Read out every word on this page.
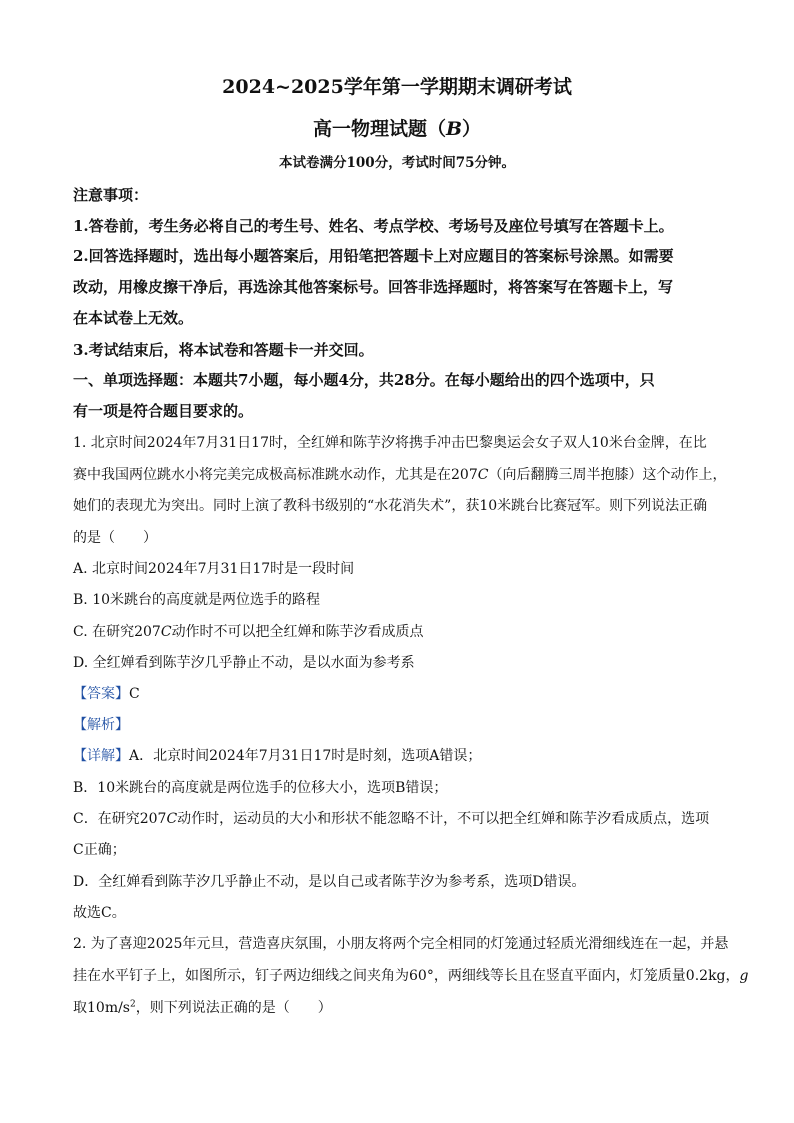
2024~2025学年第一学期期末调研考试
高一物理试题（B）
本试卷满分100分，考试时间75分钟。
注意事项：
1.答卷前，考生务必将自己的考生号、姓名、考点学校、考场号及座位号填写在答题卡上。
2.回答选择题时，选出每小题答案后，用铅笔把答题卡上对应题目的答案标号涂黑。如需要
改动，用橡皮擦干净后，再选涂其他答案标号。回答非选择题时，将答案写在答题卡上，写
在本试卷上无效。
3.考试结束后，将本试卷和答题卡一并交回。
一、单项选择题：本题共7小题，每小题4分，共28分。在每小题给出的四个选项中，只
有一项是符合题目要求的。
1. 北京时间2024年7月31日17时，全红婵和陈芋汐将携手冲击巴黎奥运会女子双人10米台金牌，在比
赛中我国两位跳水小将完美完成极高标准跳水动作，尤其是在207C（向后翻腾三周半抱膝）这个动作上，
她们的表现尤为突出。同时上演了教科书级别的“水花消失术”，获10米跳台比赛冠军。则下列说法正确
的是（　　）
A. 北京时间2024年7月31日17时是一段时间
B. 10米跳台的高度就是两位选手的路程
C. 在研究207C动作时不可以把全红婵和陈芋汐看成质点
D. 全红婵看到陈芋汐几乎静止不动，是以水面为参考系
【答案】C
【解析】
【详解】A．北京时间2024年7月31日17时是时刻，选项A错误；
B．10米跳台的高度就是两位选手的位移大小，选项B错误；
C．在研究207C动作时，运动员的大小和形状不能忽略不计，不可以把全红婵和陈芋汐看成质点，选项
C正确；
D．全红婵看到陈芋汐几乎静止不动，是以自己或者陈芋汐为参考系，选项D错误。
故选C。
2. 为了喜迎2025年元旦，营造喜庆氛围，小朋友将两个完全相同的灯笼通过轻质光滑细线连在一起，并悬
挂在水平钉子上，如图所示，钉子两边细线之间夹角为60°，两细线等长且在竖直平面内，灯笼质量0.2kg，g
取$10m/s^2$，则下列说法正确的是（　　）
